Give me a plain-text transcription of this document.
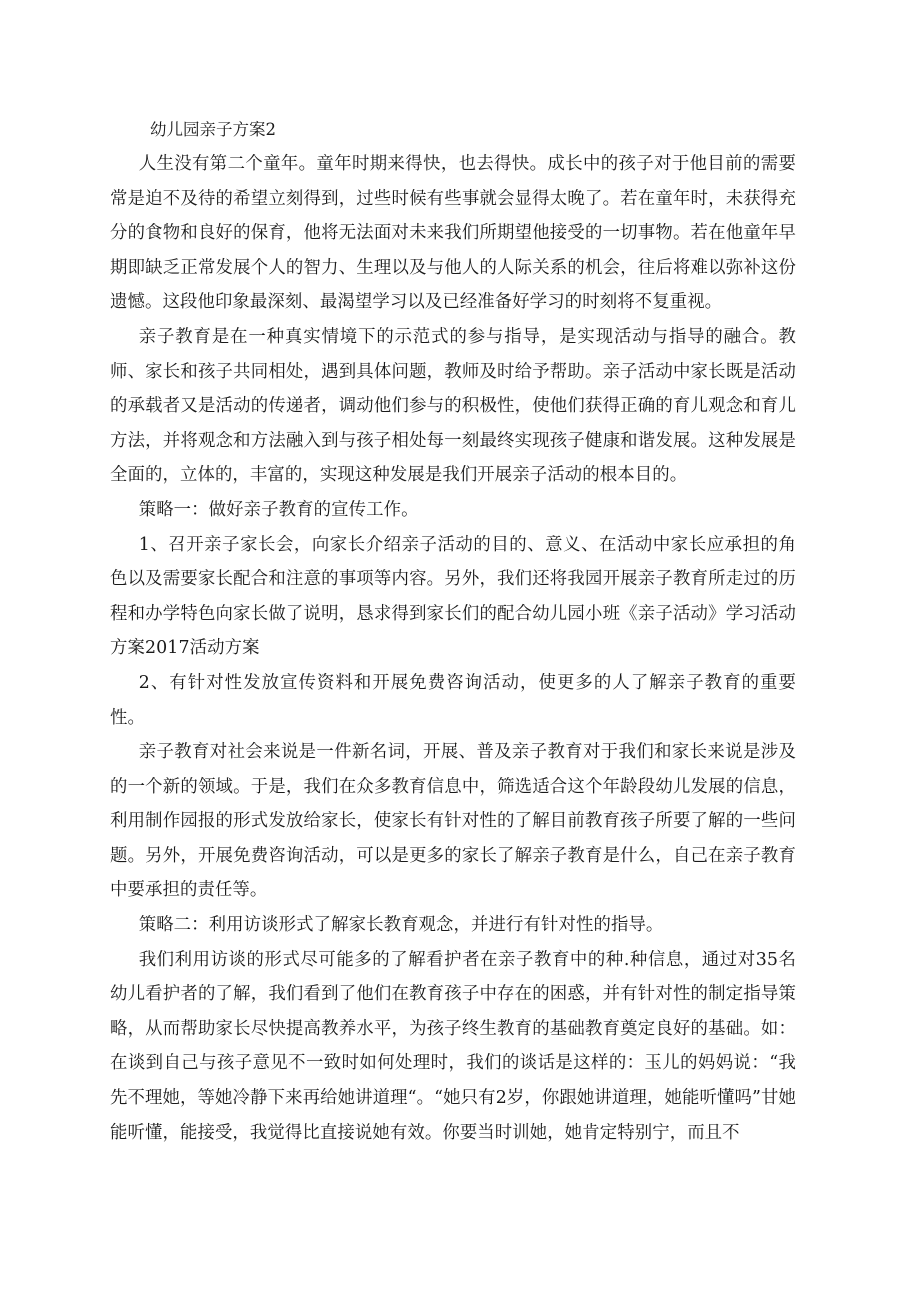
幼儿园亲子方案2

人生没有第二个童年。童年时期来得快，也去得快。成长中的孩子对于他目前的需要常是迫不及待的希望立刻得到，过些时候有些事就会显得太晚了。若在童年时，未获得充分的食物和良好的保育，他将无法面对未来我们所期望他接受的一切事物。若在他童年早期即缺乏正常发展个人的智力、生理以及与他人的人际关系的机会，往后将难以弥补这份遗憾。这段他印象最深刻、最渴望学习以及已经准备好学习的时刻将不复重视。

亲子教育是在一种真实情境下的示范式的参与指导，是实现活动与指导的融合。教师、家长和孩子共同相处，遇到具体问题，教师及时给予帮助。亲子活动中家长既是活动的承载者又是活动的传递者，调动他们参与的积极性，使他们获得正确的育儿观念和育儿方法，并将观念和方法融入到与孩子相处每一刻最终实现孩子健康和谐发展。这种发展是全面的，立体的，丰富的，实现这种发展是我们开展亲子活动的根本目的。

策略一：做好亲子教育的宣传工作。

1、召开亲子家长会，向家长介绍亲子活动的目的、意义、在活动中家长应承担的角色以及需要家长配合和注意的事项等内容。另外，我们还将我园开展亲子教育所走过的历程和办学特色向家长做了说明，恳求得到家长们的配合幼儿园小班《亲子活动》学习活动方案2017活动方案

2、有针对性发放宣传资料和开展免费咨询活动，使更多的人了解亲子教育的重要性。

亲子教育对社会来说是一件新名词，开展、普及亲子教育对于我们和家长来说是涉及的一个新的领域。于是，我们在众多教育信息中，筛选适合这个年龄段幼儿发展的信息，利用制作园报的形式发放给家长，使家长有针对性的了解目前教育孩子所要了解的一些问题。另外，开展免费咨询活动，可以是更多的家长了解亲子教育是什么，自己在亲子教育中要承担的责任等。

策略二：利用访谈形式了解家长教育观念，并进行有针对性的指导。

我们利用访谈的形式尽可能多的了解看护者在亲子教育中的种.种信息，通过对35名幼儿看护者的了解，我们看到了他们在教育孩子中存在的困惑，并有针对性的制定指导策略，从而帮助家长尽快提高教养水平，为孩子终生教育的基础教育奠定良好的基础。如：在谈到自己与孩子意见不一致时如何处理时，我们的谈话是这样的：玉儿的妈妈说：“我先不理她，等她冷静下来再给她讲道理“。“她只有2岁，你跟她讲道理，她能听懂吗”甘她能听懂，能接受，我觉得比直接说她有效。你要当时训她，她肯定特别宁，而且不
